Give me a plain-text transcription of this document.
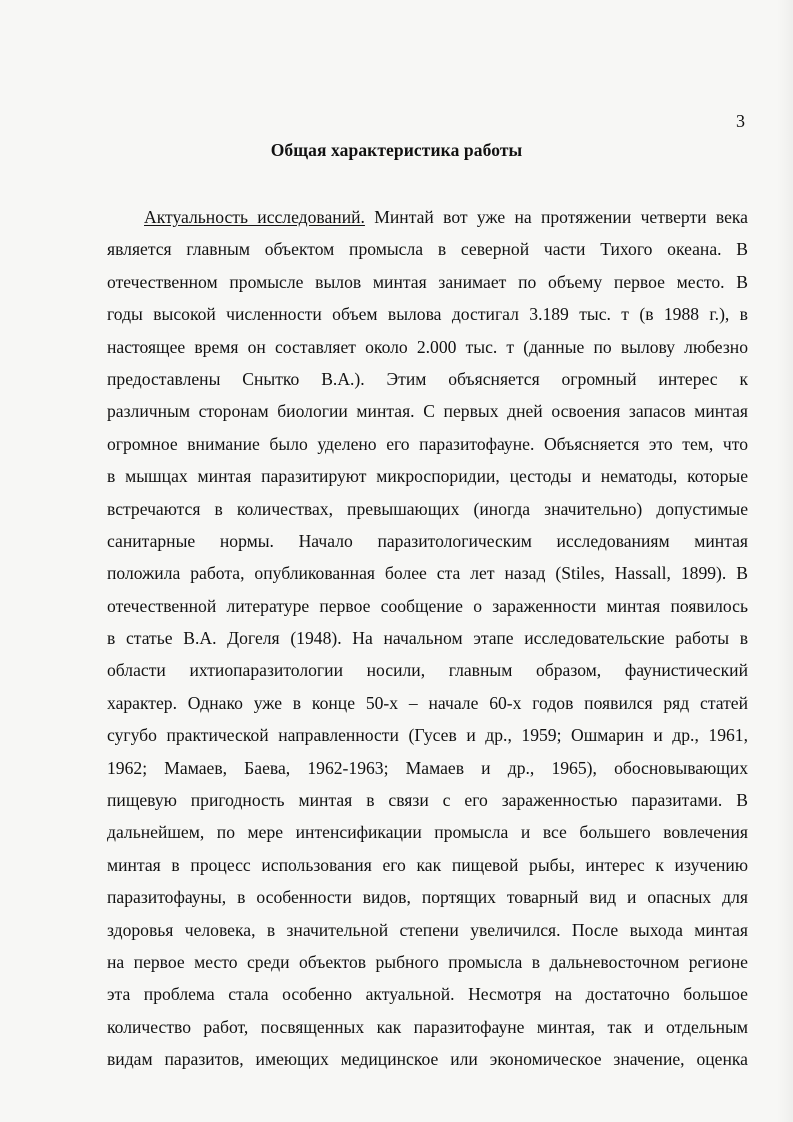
3
Общая характеристика работы
Актуальность исследований. Минтай вот уже на протяжении четверти века
является главным объектом промысла в северной части Тихого океана. В
отечественном промысле вылов минтая занимает по объему первое место. В
годы высокой численности объем вылова достигал 3.189 тыс. т (в 1988 г.), в
настоящее время он составляет около 2.000 тыс. т (данные по вылову любезно
предоставлены Снытко В.А.). Этим объясняется огромный интерес к
различным сторонам биологии минтая. С первых дней освоения запасов минтая
огромное внимание было уделено его паразитофауне. Объясняется это тем, что
в мышцах минтая паразитируют микроспоридии, цестоды и нематоды, которые
встречаются в количествах, превышающих (иногда значительно) допустимые
санитарные нормы. Начало паразитологическим исследованиям минтая
положила работа, опубликованная более ста лет назад (Stiles, Hassall, 1899). В
отечественной литературе первое сообщение о зараженности минтая появилось
в статье В.А. Догеля (1948). На начальном этапе исследовательские работы в
области ихтиопаразитологии носили, главным образом, фаунистический
характер. Однако уже в конце 50-х – начале 60-х годов появился ряд статей
сугубо практической направленности (Гусев и др., 1959; Ошмарин и др., 1961,
1962; Мамаев, Баева, 1962-1963; Мамаев и др., 1965), обосновывающих
пищевую пригодность минтая в связи с его зараженностью паразитами. В
дальнейшем, по мере интенсификации промысла и все большего вовлечения
минтая в процесс использования его как пищевой рыбы, интерес к изучению
паразитофауны, в особенности видов, портящих товарный вид и опасных для
здоровья человека, в значительной степени увеличился. После выхода минтая
на первое место среди объектов рыбного промысла в дальневосточном регионе
эта проблема стала особенно актуальной. Несмотря на достаточно большое
количество работ, посвященных как паразитофауне минтая, так и отдельным
видам паразитов, имеющих медицинское или экономическое значение, оценка
